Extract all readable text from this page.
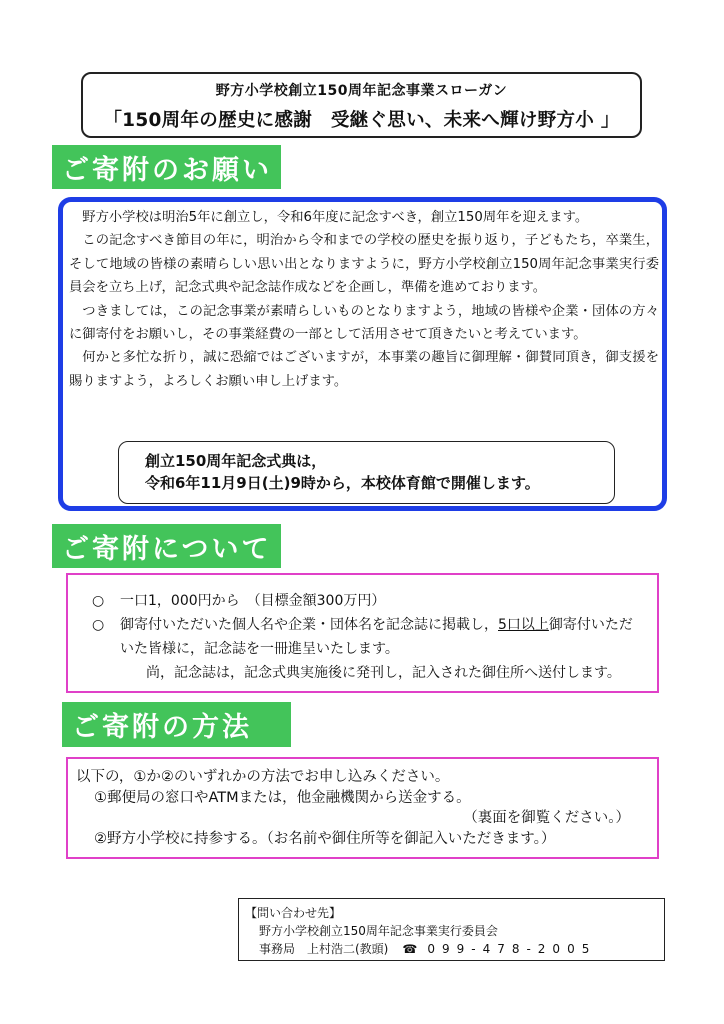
野方小学校創立150周年記念事業スローガン
「150周年の歴史に感謝　受継ぐ思い、未来へ輝け野方小 」
ご寄附のお願い

野方小学校は明治5年に創立し，令和6年度に記念すべき，創立150周年を迎えます。

この記念すべき節目の年に，明治から令和までの学校の歴史を振り返り，子どもたち，卒業生，そして地域の皆様の素晴らしい思い出となりますように，野方小学校創立150周年記念事業実行委員会を立ち上げ，記念式典や記念誌作成などを企画し，準備を進めております。

つきましては，この記念事業が素晴らしいものとなりますよう，地域の皆様や企業・団体の方々に御寄付をお願いし，その事業経費の一部として活用させて頂きたいと考えています。

何かと多忙な折り，誠に恐縮ではございますが，本事業の趣旨に御理解・御賛同頂き，御支援を賜りますよう，よろしくお願い申し上げます。

創立150周年記念式典は，
令和6年11月9日(土)9時から，本校体育館で開催します。
ご寄附について
○	一口1，000円から　（目標金額300万円）
○	御寄付いただいた個人名や企業・団体名を記念誌に掲載し，5口以上御寄付いただいた皆様に，記念誌を一冊進呈いたします。
尚，記念誌は，記念式典実施後に発刊し，記入された御住所へ送付します。
ご寄附の方法
以下の，①か②のいずれかの方法でお申し込みください。
①郵便局の窓口やATMまたは，他金融機関から送金する。
（裏面を御覧ください。）
②野方小学校に持参する。（お名前や御住所等を御記入いただきます。）
【問い合わせ先】
野方小学校創立150周年記念事業実行委員会
事務局　上村浩二(教頭) ☎ 099-478-2005
